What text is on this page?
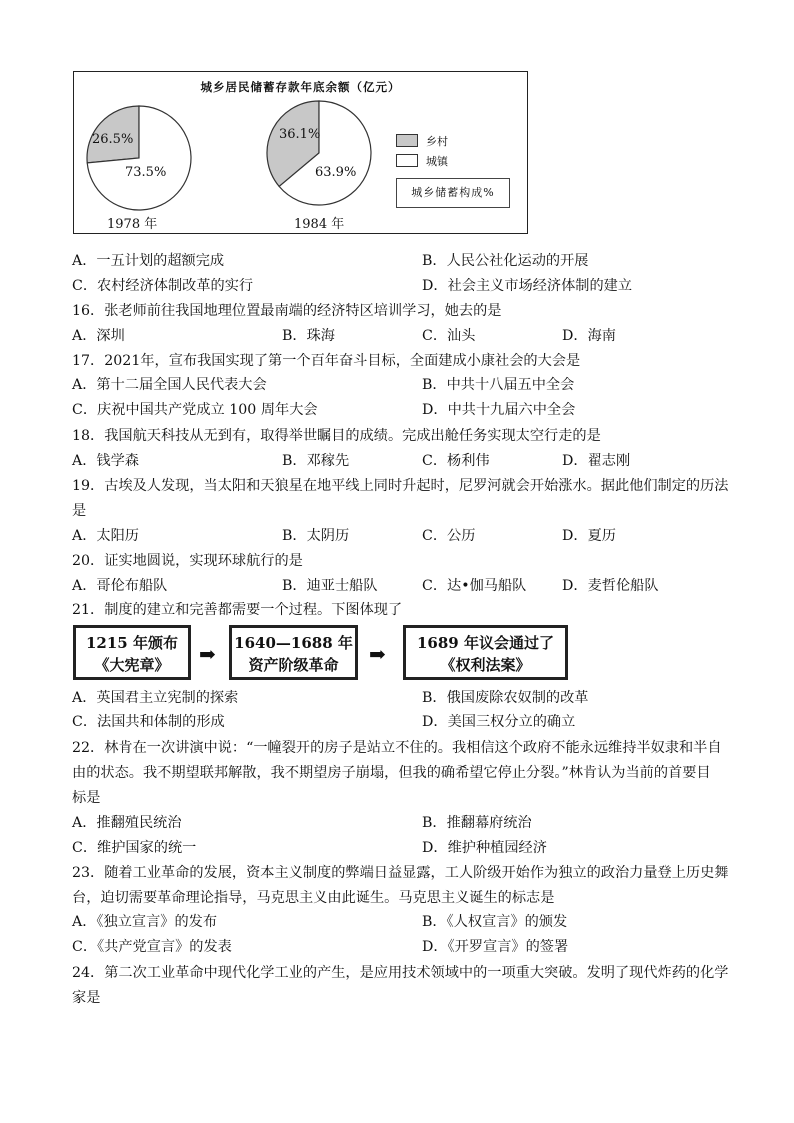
城乡居民储蓄存款年底余额（亿元）
26.5%
73.5%
1978 年
36.1%
63.9%
1984 年
乡村
城镇
城乡储蓄构成%
A．一五计划的超额完成	B．人民公社化运动的开展
C．农村经济体制改革的实行	D．社会主义市场经济体制的建立
16．张老师前往我国地理位置最南端的经济特区培训学习，她去的是
A．深圳	B．珠海	C．汕头	D．海南
17．2021年，宣布我国实现了第一个百年奋斗目标，全面建成小康社会的大会是
A．第十二届全国人民代表大会	B．中共十八届五中全会
C．庆祝中国共产党成立 100 周年大会	D．中共十九届六中全会
18．我国航天科技从无到有，取得举世瞩目的成绩。完成出舱任务实现太空行走的是
A．钱学森	B．邓稼先	C．杨利伟	D．翟志刚
19．古埃及人发现，当太阳和天狼星在地平线上同时升起时，尼罗河就会开始涨水。据此他们制定的历法
是
A．太阳历	B．太阴历	C．公历	D．夏历
20．证实地圆说，实现环球航行的是
A．哥伦布船队	B．迪亚士船队	C．达•伽马船队	D．麦哲伦船队
21．制度的建立和完善都需要一个过程。下图体现了
1215 年颁布
《大宪章》	➡ 1640—1688 年
资产阶级革命	➡	1689 年议会通过了
《权利法案》
A．英国君主立宪制的探索	B．俄国废除农奴制的改革
C．法国共和体制的形成	D．美国三权分立的确立
22．林肯在一次讲演中说：“一幢裂开的房子是站立不住的。我相信这个政府不能永远维持半奴隶和半自
由的状态。我不期望联邦解散，我不期望房子崩塌，但我的确希望它停止分裂。”林肯认为当前的首要目
标是
A．推翻殖民统治	B．推翻幕府统治
C．维护国家的统一	D．维护种植园经济
23．随着工业革命的发展，资本主义制度的弊端日益显露，工人阶级开始作为独立的政治力量登上历史舞
台，迫切需要革命理论指导，马克思主义由此诞生。马克思主义诞生的标志是
A．《独立宣言》的发布	B．《人权宣言》的颁发
C．《共产党宣言》的发表	D．《开罗宣言》的签署
24．第二次工业革命中现代化学工业的产生，是应用技术领域中的一项重大突破。发明了现代炸药的化学
家是
